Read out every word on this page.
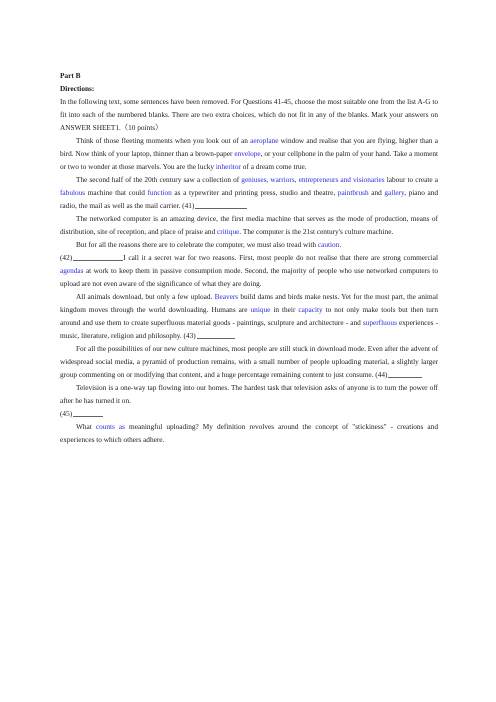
Part B

Directions:

In the following text, some sentences have been removed. For Questions 41-45, choose the most suitable one from the list A-G to fit into each of the numbered blanks. There are two extra choices, which do not fit in any of the blanks. Mark your answers on ANSWER SHEET1.（10 points）

Think of those fleeting moments when you look out of an aeroplane window and realise that you are flying, higher than a bird. Now think of your laptop, thinner than a brown-paper envelope, or your cellphone in the palm of your hand. Take a moment or two to wonder at those marvels. You are the lucky inheritor of a dream come true.

The second half of the 20th century saw a collection of geniuses, warriors, entrepreneurs and visionaries labour to create a fabulous machine that could function as a typewriter and printing press, studio and theatre, paintbrush and gallery, piano and radio, the mail as well as the mail carrier. (41)

The networked computer is an amazing device, the first media machine that serves as the mode of production, means of distribution, site of reception, and place of praise and critique. The computer is the 21st century's culture machine.

But for all the reasons there are to celebrate the computer, we must also tread with caution.

(42)	I call it a secret war for two reasons. First, most people do not realise that there are strong commercial agendas at work to keep them in passive consumption mode. Second, the majority of people who use networked computers to upload are not even aware of the significance of what they are doing.

All animals download, but only a few upload. Beavers build dams and birds make nests. Yet for the most part, the animal kingdom moves through the world downloading. Humans are unique in their capacity to not only make tools but then turn around and use them to create superfluous material goods - paintings, sculpture and architecture - and superfluous experiences - music, literature, religion and philosophy. (43)

For all the possibilities of our new culture machines, most people are still stuck in download mode. Even after the advent of widespread social media, a pyramid of production remains, with a small number of people uploading material, a slightly larger group commenting on or modifying that content, and a huge percentage remaining content to just consume. (44)

Television is a one-way tap flowing into our homes. The hardest task that television asks of anyone is to turn the power off after he has turned it on.

(45)

What counts as meaningful uploading? My definition revolves around the concept of "stickiness" - creations and experiences to which others adhere.
